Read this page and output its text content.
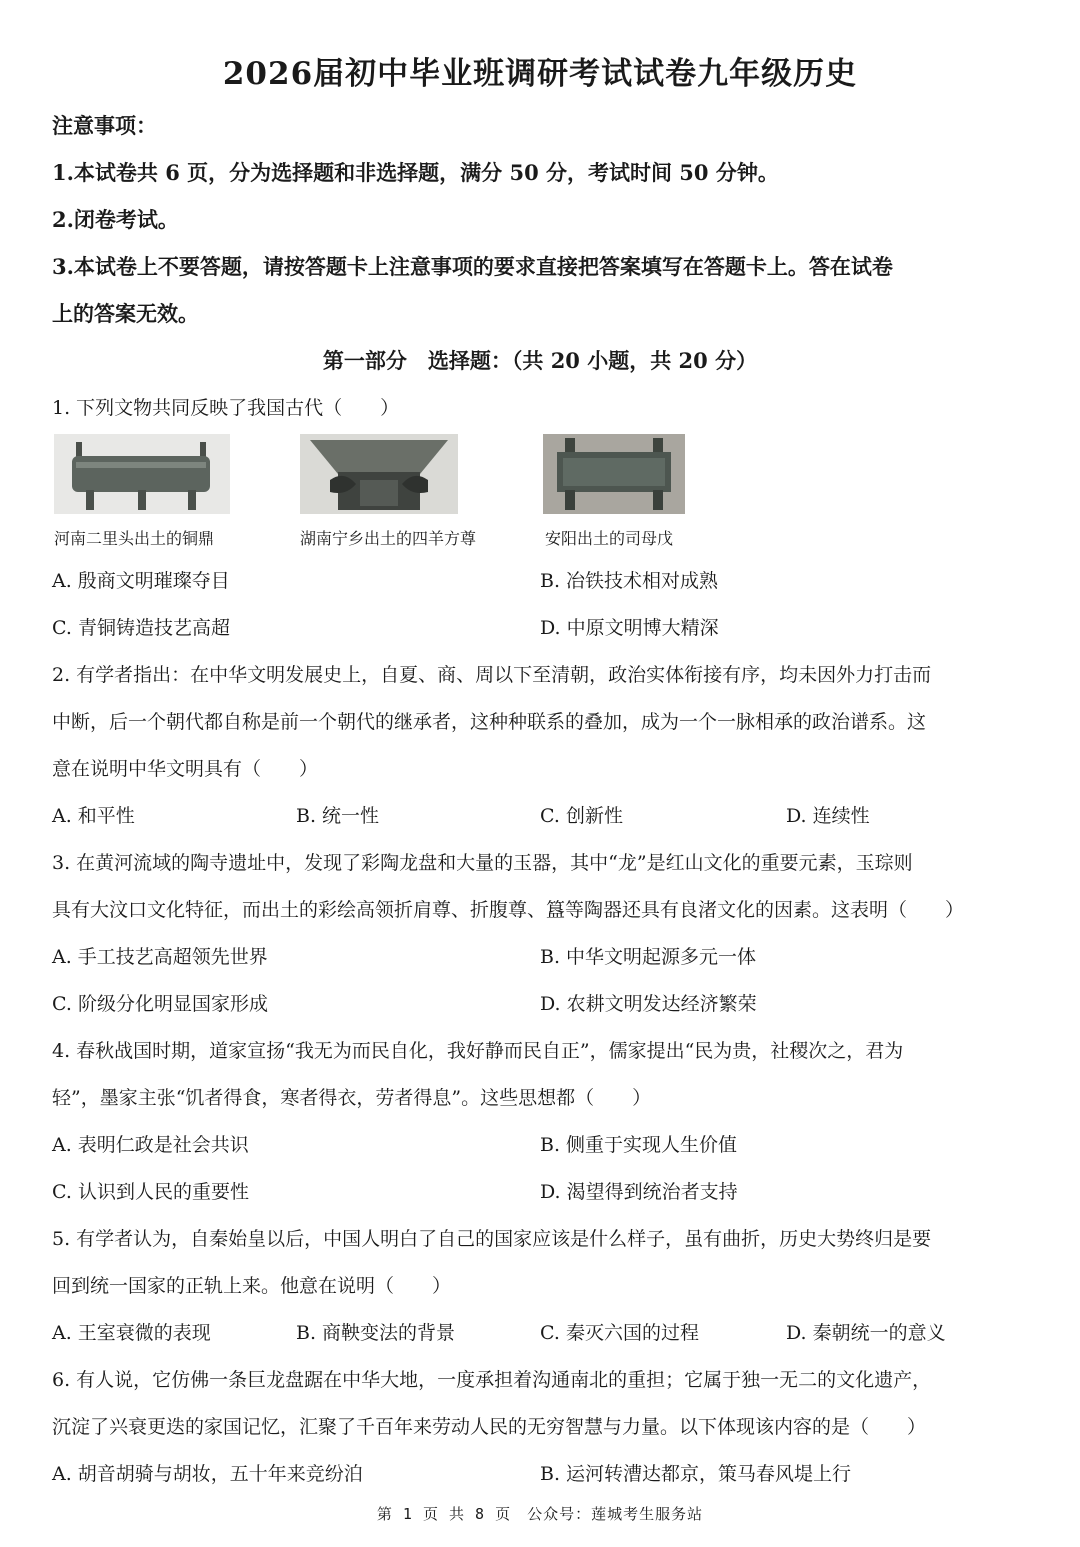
2026届初中毕业班调研考试试卷九年级历史
注意事项：
1.本试卷共 6 页，分为选择题和非选择题，满分 50 分，考试时间 50 分钟。
2.闭卷考试。
3.本试卷上不要答题，请按答题卡上注意事项的要求直接把答案填写在答题卡上。答在试卷
上的答案无效。
第一部分　选择题：（共 20 小题，共 20 分）
1. 下列文物共同反映了我国古代（　　）
河南二里头出土的铜鼎	湖南宁乡出土的四羊方尊	安阳出土的司母戊
A. 殷商文明璀璨夺目	B. 冶铁技术相对成熟
C. 青铜铸造技艺高超	D. 中原文明博大精深
2. 有学者指出：在中华文明发展史上，自夏、商、周以下至清朝，政治实体衔接有序，均未因外力打击而
中断，后一个朝代都自称是前一个朝代的继承者，这种种联系的叠加，成为一个一脉相承的政治谱系。这
意在说明中华文明具有（　　）
A. 和平性	B. 统一性	C. 创新性	D. 连续性
3. 在黄河流域的陶寺遗址中，发现了彩陶龙盘和大量的玉器，其中“龙”是红山文化的重要元素，玉琮则
具有大汶口文化特征，而出土的彩绘高领折肩尊、折腹尊、簋等陶器还具有良渚文化的因素。这表明（　　）
A. 手工技艺高超领先世界	B. 中华文明起源多元一体
C. 阶级分化明显国家形成	D. 农耕文明发达经济繁荣
4. 春秋战国时期，道家宣扬“我无为而民自化，我好静而民自正”，儒家提出“民为贵，社稷次之，君为
轻”，墨家主张“饥者得食，寒者得衣，劳者得息”。这些思想都（　　）
A. 表明仁政是社会共识	B. 侧重于实现人生价值
C. 认识到人民的重要性	D. 渴望得到统治者支持
5. 有学者认为，自秦始皇以后，中国人明白了自己的国家应该是什么样子，虽有曲折，历史大势终归是要
回到统一国家的正轨上来。他意在说明（　　）
A. 王室衰微的表现	B. 商鞅变法的背景	C. 秦灭六国的过程	D. 秦朝统一的意义
6. 有人说，它仿佛一条巨龙盘踞在中华大地，一度承担着沟通南北的重担；它属于独一无二的文化遗产，
沉淀了兴衰更迭的家国记忆，汇聚了千百年来劳动人民的无穷智慧与力量。以下体现该内容的是（　　）
A. 胡音胡骑与胡妆，五十年来竞纷泊	B. 运河转漕达都京，策马春风堤上行
第 1 页 共 8 页　公众号：莲城考生服务站
